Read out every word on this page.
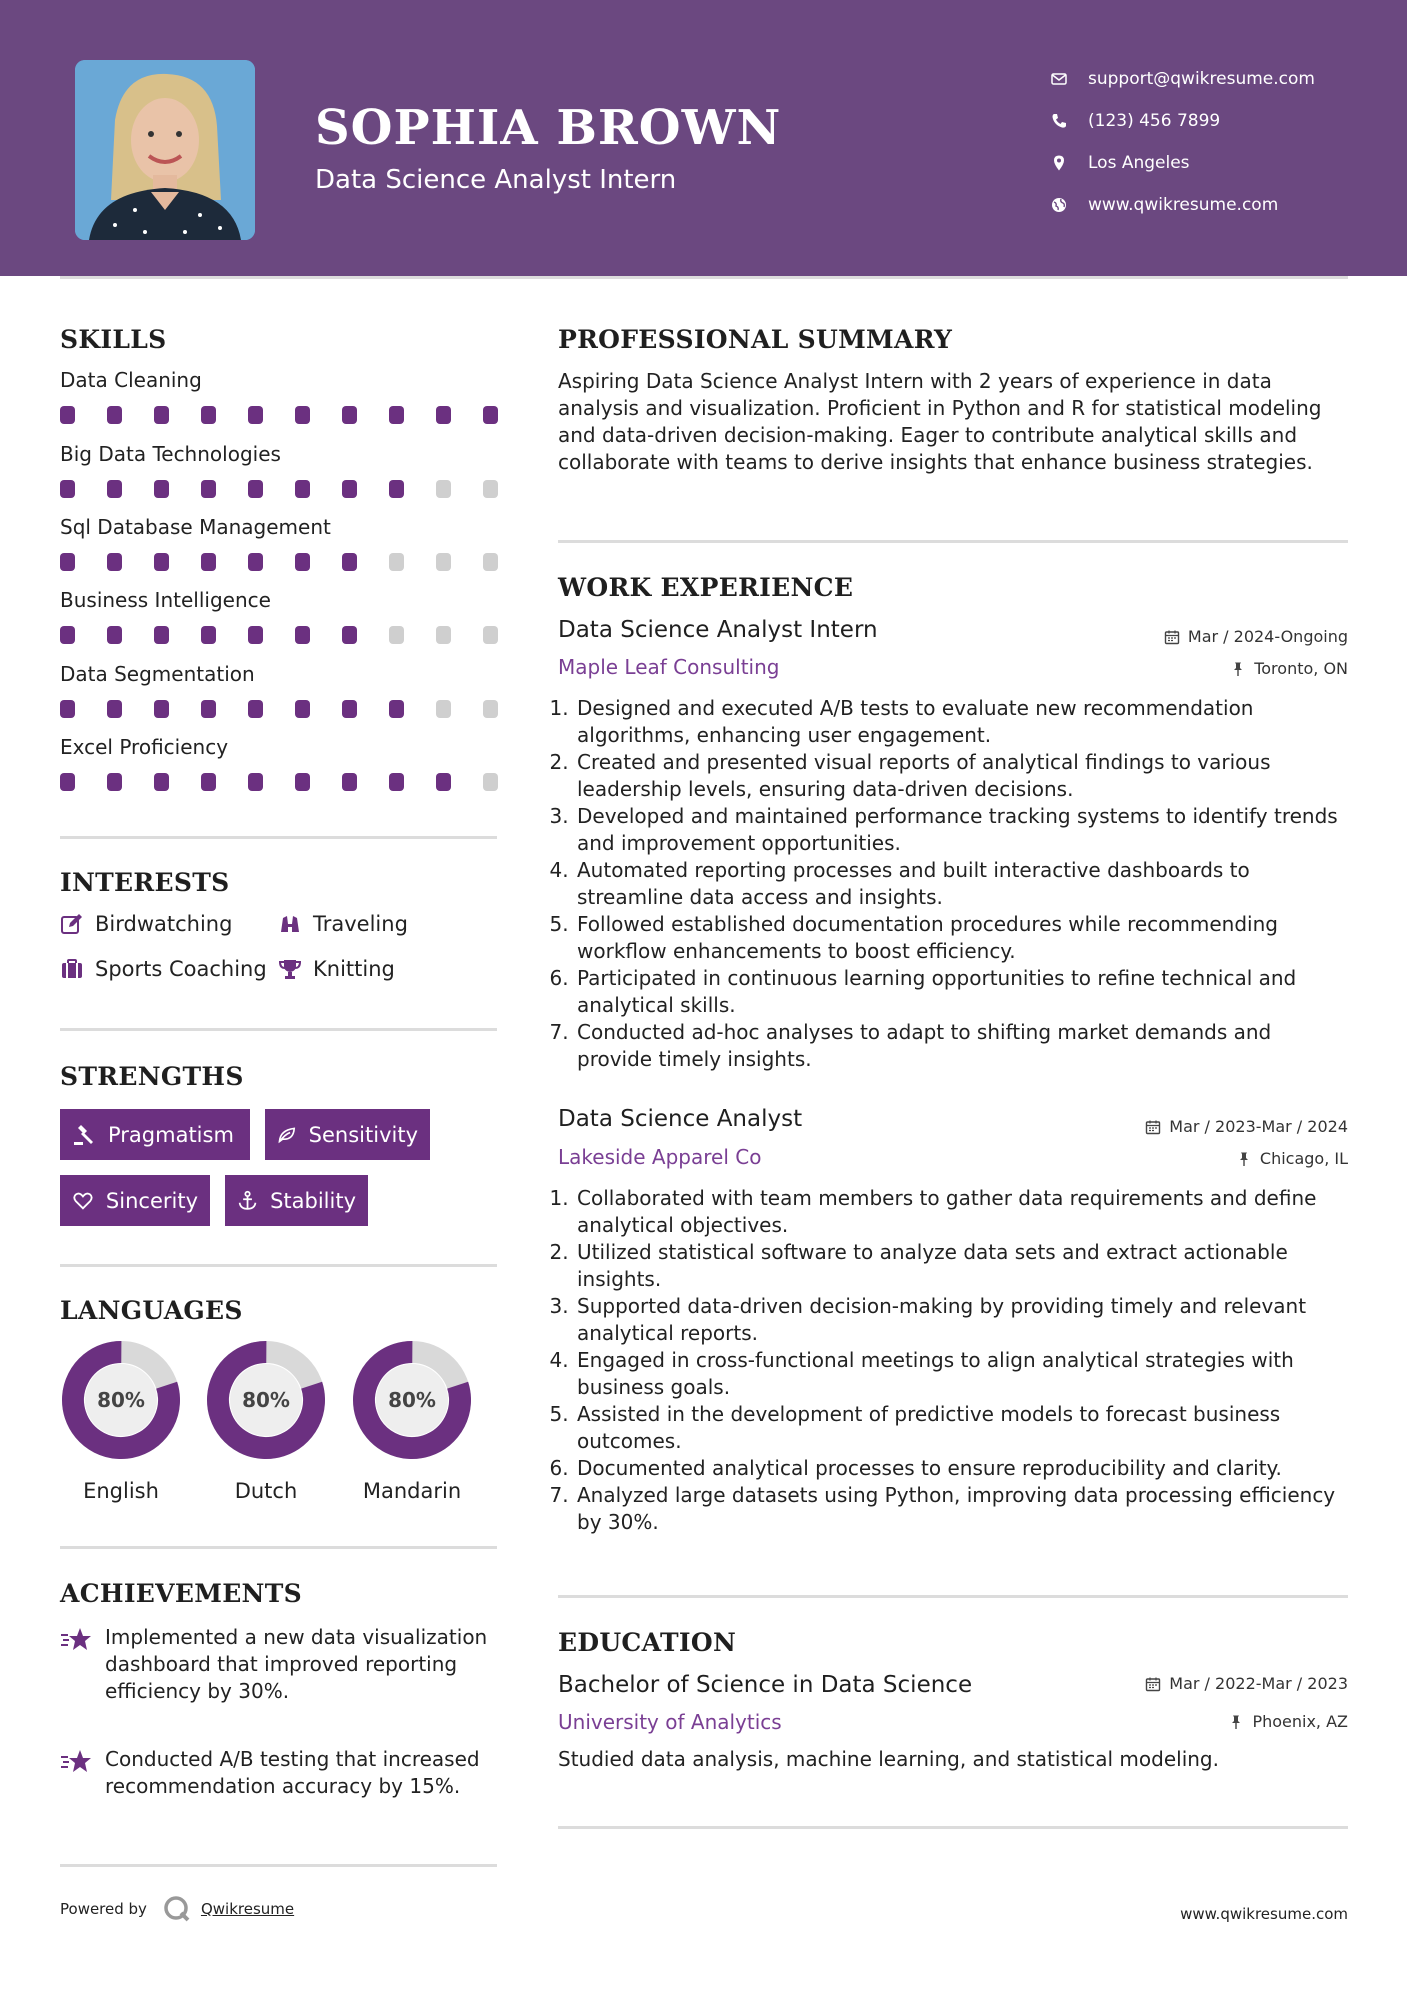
SOPHIA BROWN
Data Science Analyst Intern
support@qwikresume.com
(123) 456 7899
Los Angeles
www.qwikresume.com
SKILLS
Data Cleaning
Big Data Technologies
Sql Database Management
Business Intelligence
Data Segmentation
Excel Proficiency
INTERESTS
Birdwatching	Traveling
Sports Coaching Knitting
STRENGTHS
Pragmatism	Sensitivity
Sincerity	Stability
LANGUAGES
80%
English
80%
Dutch
80%
Mandarin
ACHIEVEMENTS

Implemented a new data visualization dashboard that improved reporting efficiency by 30%.

Conducted A/B testing that increased recommendation accuracy by 15%.

PROFESSIONAL SUMMARY

Aspiring Data Science Analyst Intern with 2 years of experience in data analysis and visualization. Proficient in Python and R for statistical modeling and data-driven decision-making. Eager to contribute analytical skills and collaborate with teams to derive insights that enhance business strategies.

WORK EXPERIENCE
Data Science Analyst Intern	Mar / 2024-Ongoing
Maple Leaf Consulting	Toronto, ON
1. Designed and executed A/B tests to evaluate new recommendation algorithms, enhancing user engagement.
2. Created and presented visual reports of analytical findings to various leadership levels, ensuring data-driven decisions.
3. Developed and maintained performance tracking systems to identify trends and improvement opportunities.
4. Automated reporting processes and built interactive dashboards to streamline data access and insights.
5. Followed established documentation procedures while recommending workflow enhancements to boost efficiency.
6. Participated in continuous learning opportunities to refine technical and analytical skills.
7. Conducted ad-hoc analyses to adapt to shifting market demands and provide timely insights.
Data Science Analyst	Mar / 2023-Mar / 2024
Lakeside Apparel Co	Chicago, IL
1. Collaborated with team members to gather data requirements and define analytical objectives.
2. Utilized statistical software to analyze data sets and extract actionable insights.
3. Supported data-driven decision-making by providing timely and relevant analytical reports.
4. Engaged in cross-functional meetings to align analytical strategies with business goals.
5. Assisted in the development of predictive models to forecast business outcomes.
6. Documented analytical processes to ensure reproducibility and clarity.
7. Analyzed large datasets using Python, improving data processing efficiency by 30%.
EDUCATION
Bachelor of Science in Data Science	Mar / 2022-Mar / 2023
University of Analytics	Phoenix, AZ

Studied data analysis, machine learning, and statistical modeling.

Powered by	Qwikresume	www.qwikresume.com
